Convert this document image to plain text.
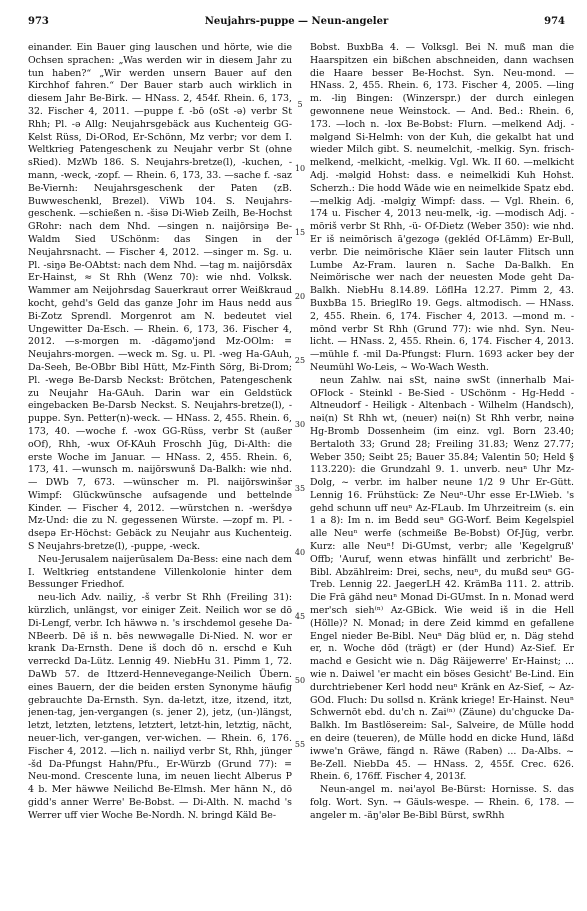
973	Neujahrs-puppe — Neun-angeler	974

einander. Ein Bauer ging lauschen und hörte, wie die Ochsen sprachen: „Was werden wir in diesem Jahr zu tun haben?“ „Wir werden unsern Bauer auf den Kirchhof fahren.“ Der Bauer starb auch wirklich in diesem Jahr Be-Birk. — HNass. 2, 454f. Rhein. 6, 173, 32. Fischer 4, 2011. —puppe f. -bō (oSt -ə) verbr St Rhh; Pl. -ə Allg: Neujahrsgebäck aus Kuchenteig GG-Kelst Rüss, Di-ORod, Er-Schönn, Mz verbr; vor dem I. Weltkrieg Patengeschenk zu Neujahr verbr St (ohne sRied). MzWb 186. S. Neujahrs-bretze(l), -kuchen, -mann, -weck, -zopf. — Rhein. 6, 173, 33. —sache f. -saz Be-Viernh: Neujahrsgeschenk der Paten (zB. Buwweschenkl, Brezel). ViWb 104. S. Neujahrs-geschenk. —schießen n. -šisə Di-Wieb Zeilh, Be-Hochst GRohr: nach dem Nhd. —singen n. naijōrsiŋə Be-Waldm Sied USchönm: das Singen in der Neujahrsnacht. — Fischer 4, 2012. —singer m. Sg. u. Pl. -siŋə Be-OAbtst: nach dem Nhd. —tag m. naijōrsdāx Er-Hainst, ≈ St Rhh (Wenz 70): wie nhd. Volksk. Wammer am Neijohrsdag Sauerkraut orrer Weißkraud kocht, gehd's Geld das ganze Johr im Haus nedd aus Bi-Zotz Sprendl. Morgenrot am N. bedeutet viel Ungewitter Da-Esch. — Rhein. 6, 173, 36. Fischer 4, 2012. —s-morgen m. -dāgəmo'jənd Mz-OOlm: = Neujahrs-morgen. —weck m. Sg. u. Pl. -weg Ha-GAuh, Da-Seeh, Be-OBbr Bibl Hütt, Mz-Finth Sörg, Bi-Drom; Pl. -wegə Be-Darsb Neckst: Brötchen, Patengeschenk zu Neujahr Ha-GAuh. Darin war ein Geldstück eingebacken Be-Darsb Neckst. S. Neujahrs-bretze(l), -puppe. Syn. Petter(n)-weck. — HNass. 2, 455. Rhein. 6, 173, 40. —woche f. -wox GG-Rüss, verbr St (außer oOf), Rhh, -wux Of-KAuh Froschh Jüg, Di-Alth: die erste Woche im Januar. — HNass. 2, 455. Rhein. 6, 173, 41. —wunsch m. naijōrswunš Da-Balkh: wie nhd. — DWb 7, 673. —wünscher m. Pl. naijōrswinšər Wimpf: Glückwünsche aufsagende und bettelnde Kinder. — Fischer 4, 2012. —würstchen n. -weršdyə Mz-Und: die zu N. gegessenen Würste. —zopf m. Pl. -dsepə Er-Höchst: Gebäck zu Neujahr aus Kuchenteig. S Neujahrs-bretze(l), -puppe, -weck.

Neu-Jerusalem naijerūsalem Da-Bess: eine nach dem I. Weltkrieg entstandene Villenkolonie hinter dem Bessunger Friedhof.

neu-lich Adv. nailiχ, -š verbr St Rhh (Freiling 31): kürzlich, unlängst, vor einiger Zeit. Neilich wor se dō Di-Lengf, verbr. Ich häwwə n. 's irschdemol gesehe Da-NBeerb. Dē iš n. bēs newwəgalle Di-Nied. N. wor er krank Da-Ernsth. Dene iš doch dō n. erschd e Kuh verreckd Da-Lütz. Lennig 49. NiebHu 31. Pimm 1, 72. DaWb 57. de Ittzerd-Hennevegange-Neilich Übern. eines Bauern, der die beiden ersten Synonyme häufig gebrauchte Da-Ernsth. Syn. da-letzt, itze, itzend, itzt, jenen-tag, jen-vergangen (s. jener 2), jetz, (un-)längst, letzt, letzten, letztens, letztert, letzt-hin, letztig, nächt, neuer-lich, ver-gangen, ver-wichen. — Rhein. 6, 176. Fischer 4, 2012. —lich n. nailiyd verbr St, Rhh, jünger -šd Da-Pfungst Hahn/Pfu., Er-Würzb (Grund 77): = Neu-mond. Crescente luna, im neuen liecht Alberus P 4 b. Mer häwwe Neilichd Be-Elmsh. Mer hänn N., dō gidd's anner Werre' Be-Bobst. — Di-Alth. N. machd 's Werrer uff vier Woche Be-Nordh. N. bringd Käld Be-

5
10
15
20
25
30
35
40
45
50
55

Bobst. BuxbBa 4. — Volksgl. Bei N. muß man die Haarspitzen ein bißchen abschneiden, dann wachsen die Haare besser Be-Hochst. Syn. Neu-mond. — HNass. 2, 455. Rhein. 6, 173. Fischer 4, 2005. —ling m. -liŋ Bingen: (Winzerspr.) der durch einlegen gewonnene neue Weinstock. — And. Bed.: Rhein. 6, 173. —loch n. -lox Be-Bobst: Flurn. —melkend Adj. -məlgənd Si-Helmh: von der Kuh, die gekalbt hat und wieder Milch gibt. S. neumelchit, -melkig. Syn. frisch-melkend, -melkicht, -melkig. Vgl. Wk. II 60. —melkicht Adj. -məlgid Hohst: dass. e neimelkidi Kuh Hohst. Scherzh.: Die hodd Wāde wie en neimelkide Spatz ebd. —melkig Adj. -məlgiχ Wimpf: dass. — Vgl. Rhein. 6, 174 u. Fischer 4, 2013 neu-melk, -ig. —modisch Adj. -mōriš verbr St Rhh, -ü- Of-Dietz (Weber 350): wie nhd. Er iš neimōrisch ā'gezogə (gekléd Of-Lämm) Er-Bull, verbr. Die neimörische Kläer sein lauter Flitsch unn Lumbe Az-Fram. lauren n. Sache Da-Balkh. En Neimörische wer nach der neuesten Mode geht Da-Balkh. NiebHu 8.14.89. LöflHa 12.27. Pimm 2, 43. BuxbBa 15. BrieglRo 19. Gegs. altmodisch. — HNass. 2, 455. Rhein. 6, 174. Fischer 4, 2013. —mond m. -mōnd verbr St Rhh (Grund 77): wie nhd. Syn. Neu-licht. — HNass. 2, 455. Rhein. 6, 174. Fischer 4, 2013. —mühle f. -mil Da-Pfungst: Flurn. 1693 acker bey der Neumühl Wo-Leis, ~ Wo-Wach Westh.

neun Zahlw. nai sSt, nainə swSt (innerhalb Mai-OFlock - Steinkl - Be-Sied - USchönm - Hg-Hedd - Altneudorf - Heiligk - Altenbach - Wilhelm (Handsch), nəi(n) St Rhh wt, (neuer) nəi(n) St Rhh verbr, nəinə Hg-Bromb Dossenheim (im einz. vgl. Born 23.40; Bertaloth 33; Grund 28; Freiling 31.83; Wenz 27.77; Weber 350; Seibt 25; Bauer 35.84; Valentin 50; Held § 113.220): die Grundzahl 9. 1. unverb. neuⁿ Uhr Mz-Dolg, ~ verbr. im halber neune 1/2 9 Uhr Er-Gütt. Lennig 16. Frühstück: Ze Neuⁿ-Uhr esse Er-LWieb. 's gehd schunn uff neuⁿ Az-FLaub. Im Uhrzeitreim (s. ein 1 a 8): Im n. im Bedd seuⁿ GG-Worf. Beim Kegelspiel alle Neuⁿ werfe (schmeiße Be-Bobst) Of-Jüg, verbr. Kurz: alle Neuⁿ! Di-GUmst, verbr; alle 'Kegelgruß' Offb; 'Auruf, wenn etwas hinfällt und zerbricht' Be-Bibl. Abzählreim: Drei, sechs, neuⁿ, du mußd seuⁿ GG-Treb. Lennig 22. JaegerLH 42. KrämBa 111. 2. attrib. Die Frā gähd neuⁿ Monad Di-GUmst. In n. Monad werd mer'sch sieh⁽ⁿ⁾ Az-GBick. Wie weid iš in die Hell (Hölle)? N. Monad; in dere Zeid kimmd en gefallene Engel nieder Be-Bibl. Neuⁿ Däg blüd er, n. Däg stehd er, n. Woche dōd (trägt) er (der Hund) Az-Sief. Er machd e Gesicht wie n. Däg Räijewerre' Er-Hainst; ... wie n. Daiwel 'er macht ein böses Gesicht' Be-Lind. Ein durchtriebener Kerl hodd neuⁿ Kränk en Az-Sief, ~ Az-GOd. Fluch: Du sollsd n. Kränk kriege! Er-Hainst. Neuⁿ Schwernōt ebd. du'ch n. Zai⁽ⁿ⁾ (Zäune) du'chgucke Da-Balkh. Im Bastlösereim: Sal-, Salveire, de Mülle hodd en deire (teueren), de Mülle hodd en dicke Hund, läßd iwwe'n Gräwe, fängd n. Räwe (Raben) ... Da-Albs. ~ Be-Zell. NiebDa 45. — HNass. 2, 455f. Crec. 626. Rhein. 6, 176ff. Fischer 4, 2013f.

Neun-angel m. nəi'ayol Be-Bürst: Hornisse. S. das folg. Wort. Syn. → Gäuls-wespe. — Rhein. 6, 178. —angeler m. -äŋ'ələr Be-Bibl Bürst, swRhh
